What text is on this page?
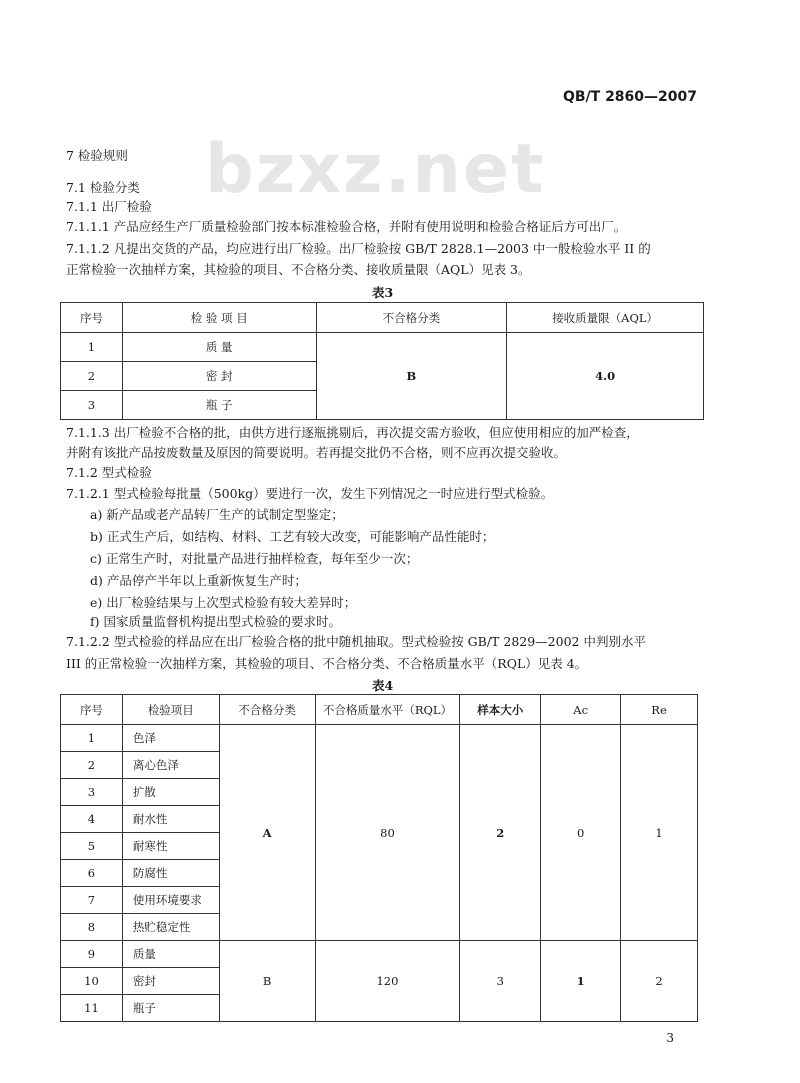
QB/T 2860—2007
bzxz.net
7 检验规则
7.1 检验分类
7.1.1 出厂检验
7.1.1.1 产品应经生产厂质量检验部门按本标准检验合格，并附有使用说明和检验合格证后方可出厂。
7.1.1.2 凡提出交货的产品，均应进行出厂检验。出厂检验按 GB/T 2828.1—2003 中一般检验水平 II 的
正常检验一次抽样方案，其检验的项目、不合格分类、接收质量限（AQL）见表 3。
表3
序号	检 验 项 目	不合格分类	接收质量限（AQL）
1	质 量	B	4.0
2	密 封		
3	瓶 子		
7.1.1.3 出厂检验不合格的批，由供方进行逐瓶挑剔后，再次提交需方验收，但应使用相应的加严检查，
并附有该批产品按废数量及原因的简要说明。若再提交批仍不合格，则不应再次提交验收。
7.1.2 型式检验
7.1.2.1 型式检验每批量（500kg）要进行一次，发生下列情况之一时应进行型式检验。
a) 新产品或老产品转厂生产的试制定型鉴定；
b) 正式生产后，如结构、材料、工艺有较大改变，可能影响产品性能时；
c) 正常生产时，对批量产品进行抽样检查，每年至少一次；
d) 产品停产半年以上重新恢复生产时；
e) 出厂检验结果与上次型式检验有较大差异时；
f) 国家质量监督机构提出型式检验的要求时。
7.1.2.2 型式检验的样品应在出厂检验合格的批中随机抽取。型式检验按 GB/T 2829—2002 中判别水平
III 的正常检验一次抽样方案，其检验的项目、不合格分类、不合格质量水平（RQL）见表 4。
表4
序号	检验项目	不合格分类	不合格质量水平（RQL）	样本大小	Ac	Re
1	色泽	A	80	2	0	1
2	离心色泽					
3	扩散					
4	耐水性					
5	耐寒性					
6	防腐性					
7	使用环境要求					
8	热贮稳定性					
9	质量	B	120	3	1	2
10	密封					
11	瓶子					
3
